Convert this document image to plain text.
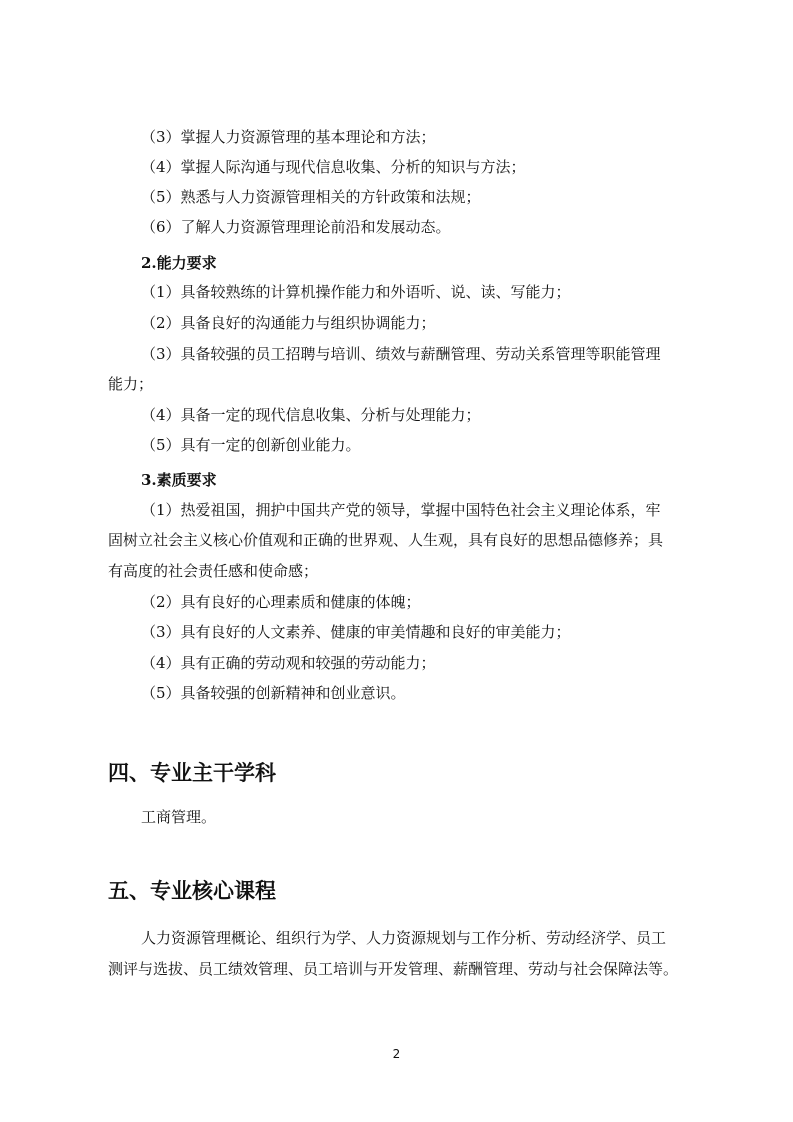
（3）掌握人力资源管理的基本理论和方法；
（4）掌握人际沟通与现代信息收集、分析的知识与方法；
（5）熟悉与人力资源管理相关的方针政策和法规；
（6）了解人力资源管理理论前沿和发展动态。
2.能力要求
（1）具备较熟练的计算机操作能力和外语听、说、读、写能力；
（2）具备良好的沟通能力与组织协调能力；
（3）具备较强的员工招聘与培训、绩效与薪酬管理、劳动关系管理等职能管理
能力；
（4）具备一定的现代信息收集、分析与处理能力；
（5）具有一定的创新创业能力。
3.素质要求
（1）热爱祖国，拥护中国共产党的领导，掌握中国特色社会主义理论体系，牢
固树立社会主义核心价值观和正确的世界观、人生观，具有良好的思想品德修养；具
有高度的社会责任感和使命感；
（2）具有良好的心理素质和健康的体魄；
（3）具有良好的人文素养、健康的审美情趣和良好的审美能力；
（4）具有正确的劳动观和较强的劳动能力；
（5）具备较强的创新精神和创业意识。
四、专业主干学科
工商管理。
五、专业核心课程
人力资源管理概论、组织行为学、人力资源规划与工作分析、劳动经济学、员工
测评与选拔、员工绩效管理、员工培训与开发管理、薪酬管理、劳动与社会保障法等。
2
